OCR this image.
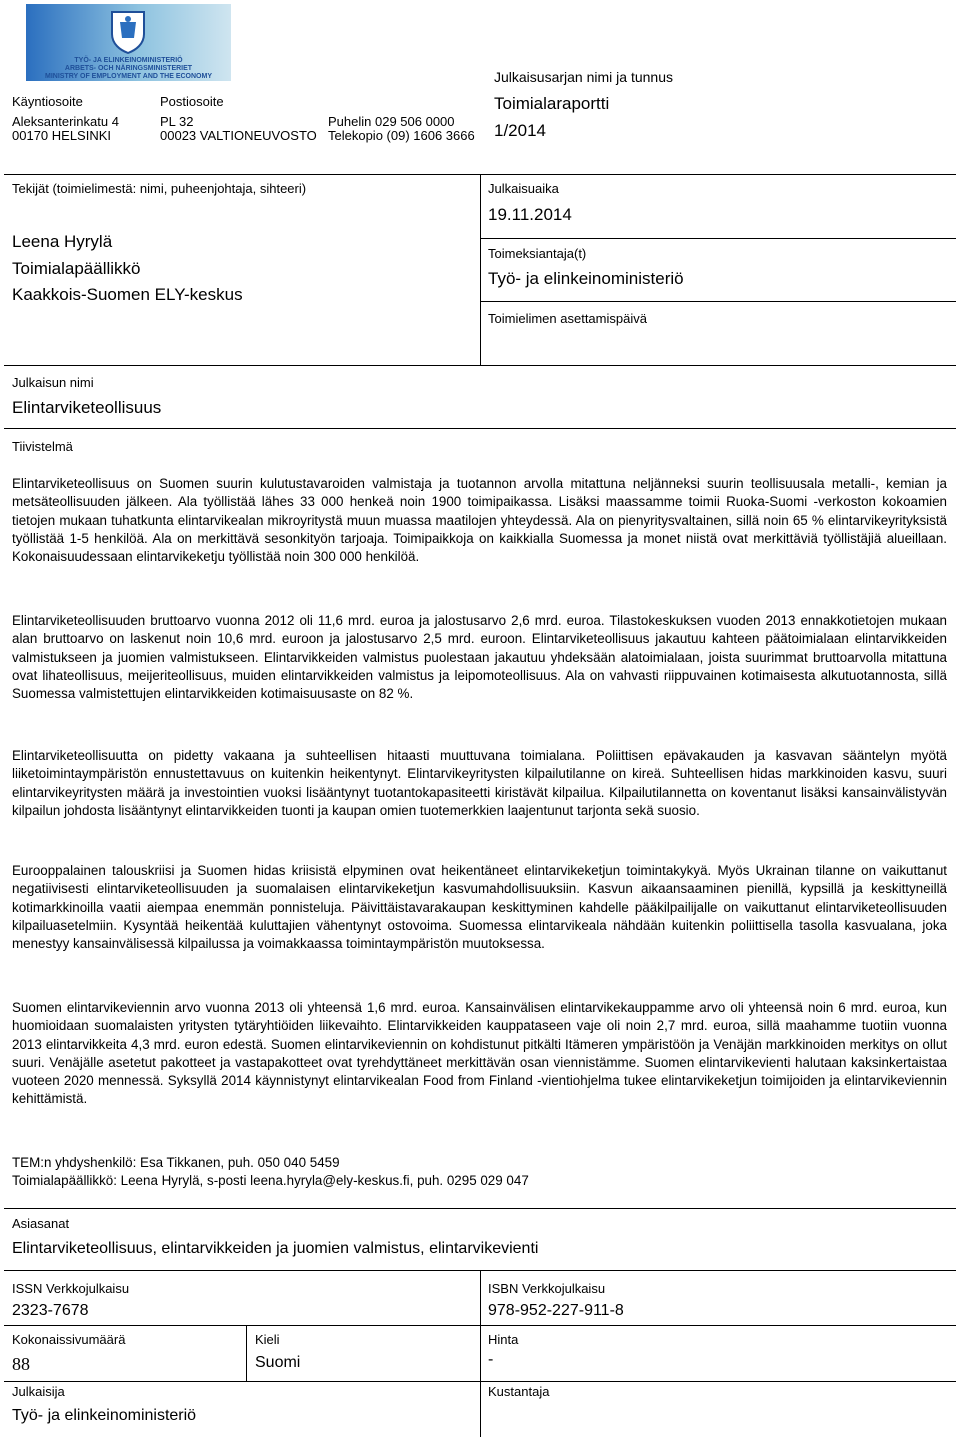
TYÖ- JA ELINKEINOMINISTERIÖ
ARBETS- OCH NÄRINGSMINISTERIET
MINISTRY OF EMPLOYMENT AND THE ECONOMY
Käyntiosoite
Aleksanterinkatu 4
00170 HELSINKI
Postiosoite
PL 32
00023 VALTIONEUVOSTO
Puhelin 029 506 0000
Telekopio (09) 1606 3666
Julkaisusarjan nimi ja tunnus
Toimialaraportti
1/2014
Tekijät (toimielimestä: nimi, puheenjohtaja, sihteeri)
Leena Hyrylä
Toimialapäällikkö
Kaakkois-Suomen ELY-keskus
Julkaisuaika
19.11.2014
Toimeksiantaja(t)
Työ- ja elinkeinoministeriö
Toimielimen asettamispäivä
Julkaisun nimi
Elintarviketeollisuus
Tiivistelmä

Elintarviketeollisuus on Suomen suurin kulutustavaroiden valmistaja ja tuotannon arvolla mitattuna neljänneksi suurin teollisuusala metalli-, kemian ja metsäteollisuuden jälkeen. Ala työllistää lähes 33 000 henkeä noin 1900 toimipaikassa. Lisäksi maassamme toimii Ruoka-Suomi -verkoston kokoamien tietojen mukaan tuhatkunta elintarvikealan mikroyritystä muun muassa maatilojen yhteydessä. Ala on pienyritysvaltainen, sillä noin 65 % elintarvikeyrityksistä työllistää 1-5 henkilöä. Ala on merkittävä sesonkityön tarjoaja. Toimipaikkoja on kaikkialla Suomessa ja monet niistä ovat merkittäviä työllistäjiä alueillaan. Kokonaisuudessaan elintarvikeketju työllistää noin 300 000 henkilöä.

Elintarviketeollisuuden bruttoarvo vuonna 2012 oli 11,6 mrd. euroa ja jalostusarvo 2,6 mrd. euroa. Tilastokeskuksen vuoden 2013 ennakkotietojen mukaan alan bruttoarvo on laskenut noin 10,6 mrd. euroon ja jalostusarvo 2,5 mrd. euroon. Elintarviketeollisuus jakautuu kahteen päätoimialaan elintarvikkeiden valmistukseen ja juomien valmistukseen. Elintarvikkeiden valmistus puolestaan jakautuu yhdeksään alatoimialaan, joista suurimmat bruttoarvolla mitattuna ovat lihateollisuus, meijeriteollisuus, muiden elintarvikkeiden valmistus ja leipomoteollisuus. Ala on vahvasti riippuvainen kotimaisesta alkutuotannosta, sillä Suomessa valmistettujen elintarvikkeiden kotimaisuusaste on 82 %.

Elintarviketeollisuutta on pidetty vakaana ja suhteellisen hitaasti muuttuvana toimialana. Poliittisen epävakauden ja kasvavan sääntelyn myötä liiketoimintaympäristön ennustettavuus on kuitenkin heikentynyt. Elintarvikeyritysten kilpailutilanne on kireä. Suhteellisen hidas markkinoiden kasvu, suuri elintarvikeyritysten määrä ja investointien vuoksi lisääntynyt tuotantokapasiteetti kiristävät kilpailua. Kilpailutilannetta on koventanut lisäksi kansainvälistyvän kilpailun johdosta lisääntynyt elintarvikkeiden tuonti ja kaupan omien tuotemerkkien laajentunut tarjonta sekä suosio.

Eurooppalainen talouskriisi ja Suomen hidas kriisistä elpyminen ovat heikentäneet elintarvikeketjun toimintakykyä. Myös Ukrainan tilanne on vaikuttanut negatiivisesti elintarviketeollisuuden ja suomalaisen elintarvikeketjun kasvumahdollisuuksiin. Kasvun aikaansaaminen pienillä, kypsillä ja keskittyneillä kotimarkkinoilla vaatii aiempaa enemmän ponnisteluja. Päivittäistavarakaupan keskittyminen kahdelle pääkilpailijalle on vaikuttanut elintarviketeollisuuden kilpailuasetelmiin. Kysyntää heikentää kuluttajien vähentynyt ostovoima. Suomessa elintarvikeala nähdään kuitenkin poliittisella tasolla kasvualana, joka menestyy kansainvälisessä kilpailussa ja voimakkaassa toimintaympäristön muutoksessa.

Suomen elintarvikeviennin arvo vuonna 2013 oli yhteensä 1,6 mrd. euroa. Kansainvälisen elintarvikekauppamme arvo oli yhteensä noin 6 mrd. euroa, kun huomioidaan suomalaisten yritysten tytäryhtiöiden liikevaihto. Elintarvikkeiden kauppataseen vaje oli noin 2,7 mrd. euroa, sillä maahamme tuotiin vuonna 2013 elintarvikkeita 4,3 mrd. euron edestä. Suomen elintarvikeviennin on kohdistunut pitkälti Itämeren ympäristöön ja Venäjän markkinoiden merkitys on ollut suuri. Venäjälle asetetut pakotteet ja vastapakotteet ovat tyrehdyttäneet merkittävän osan viennistämme. Suomen elintarvikevienti halutaan kaksinkertaistaa vuoteen 2020 mennessä. Syksyllä 2014 käynnistynyt elintarvikealan Food from Finland -vientiohjelma tukee elintarvikeketjun toimijoiden ja elintarvikeviennin kehittämistä.

TEM:n yhdyshenkilö: Esa Tikkanen, puh. 050 040 5459

Toimialapäällikkö: Leena Hyrylä, s-posti leena.hyryla@ely-keskus.fi, puh. 0295 029 047

Asiasanat
Elintarviketeollisuus, elintarvikkeiden ja juomien valmistus, elintarvikevienti
ISSN Verkkojulkaisu
2323-7678
ISBN Verkkojulkaisu
978-952-227-911-8
Kokonaissivumäärä
88
Kieli
Suomi
Hinta
-
Julkaisija
Työ- ja elinkeinoministeriö
Kustantaja
